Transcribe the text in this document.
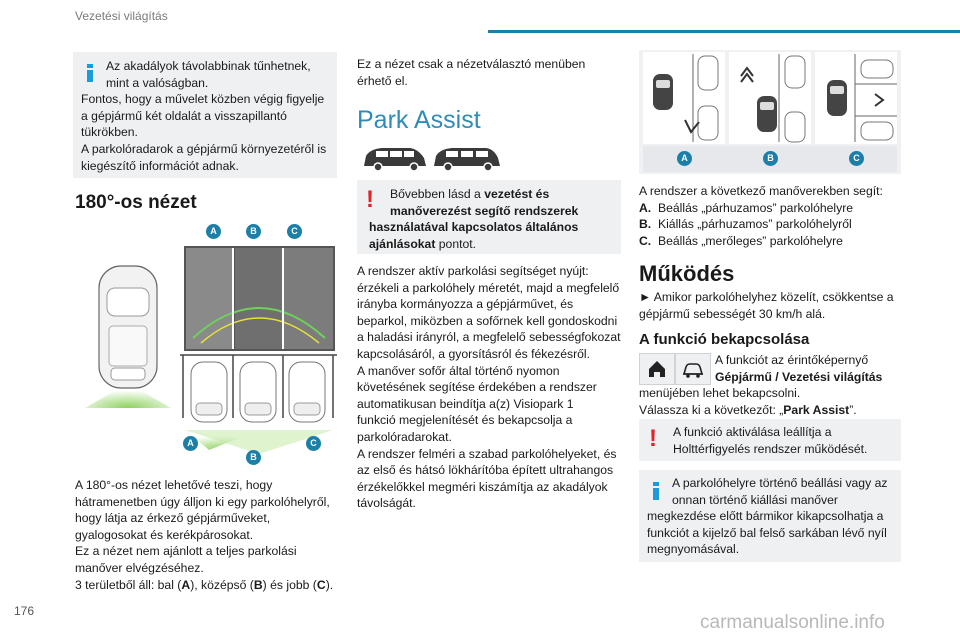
Vezetési világítás
Az akadályok távolabbinak tűnhetnek,
mint a valóságban.
Fontos, hogy a művelet közben végig figyelje
a gépjármű két oldalát a visszapillantó
tükrökben.
A parkolóradarok a gépjármű környezetéről is
kiegészítő információt adnak.
180°-os nézet
A	B	C
A
B
C
A 180°-os nézet lehetővé teszi, hogy
hátramenetben úgy álljon ki egy parkolóhelyről,
hogy látja az érkező gépjárműveket,
gyalogosokat és kerékpárosokat.
Ez a nézet nem ajánlott a teljes parkolási
manőver elvégzéséhez.
3 területből áll: bal (A), középső (B) és jobb (C).
176
Ez a nézet csak a nézetválasztó menüben
érhető el.
Park Assist
!	Bővebben lásd a vezetést és
manőverezést segítő rendszerek
használatával kapcsolatos általános
ajánlásokat pontot.
A rendszer aktív parkolási segítséget nyújt:
érzékeli a parkolóhely méretét, majd a megfelelő
irányba kormányozza a gépjárművet, és
beparkol, miközben a sofőrnek kell gondoskodni
a haladási irányról, a megfelelő sebességfokozat
kapcsolásáról, a gyorsításról és fékezésről.
A manőver sofőr által történő nyomon
követésének segítése érdekében a rendszer
automatikusan beindítja a(z) Visiopark 1
funkció megjelenítését és bekapcsolja a
parkolóradarokat.
A rendszer felméri a szabad parkolóhelyeket, és
az első és hátsó lökhárítóba épített ultrahangos
érzékelőkkel megméri kiszámítja az akadályok
távolságát.
A	B	C
A rendszer a következő manőverekben segít:
A. Beállás „párhuzamos” parkolóhelyre
B. Kiállás „párhuzamos” parkolóhelyről
C. Beállás „merőleges” parkolóhelyre
Működés
► Amikor parkolóhelyhez közelít, csökkentse a
gépjármű sebességét 30 km/h alá.
A funkció bekapcsolása
A funkciót az érintőképernyő
Gépjármű / Vezetési világítás
menüjében lehet bekapcsolni.
Válassza ki a következőt: „Park Assist”.
! A funkció aktiválása leállítja a
Holttérfigyelés rendszer működését.
A parkolóhelyre történő beállási vagy az
onnan történő kiállási manőver
megkezdése előtt bármikor kikapcsolhatja a
funkciót a kijelző bal felső sarkában lévő nyíl
megnyomásával.
carmanualsonline.info
